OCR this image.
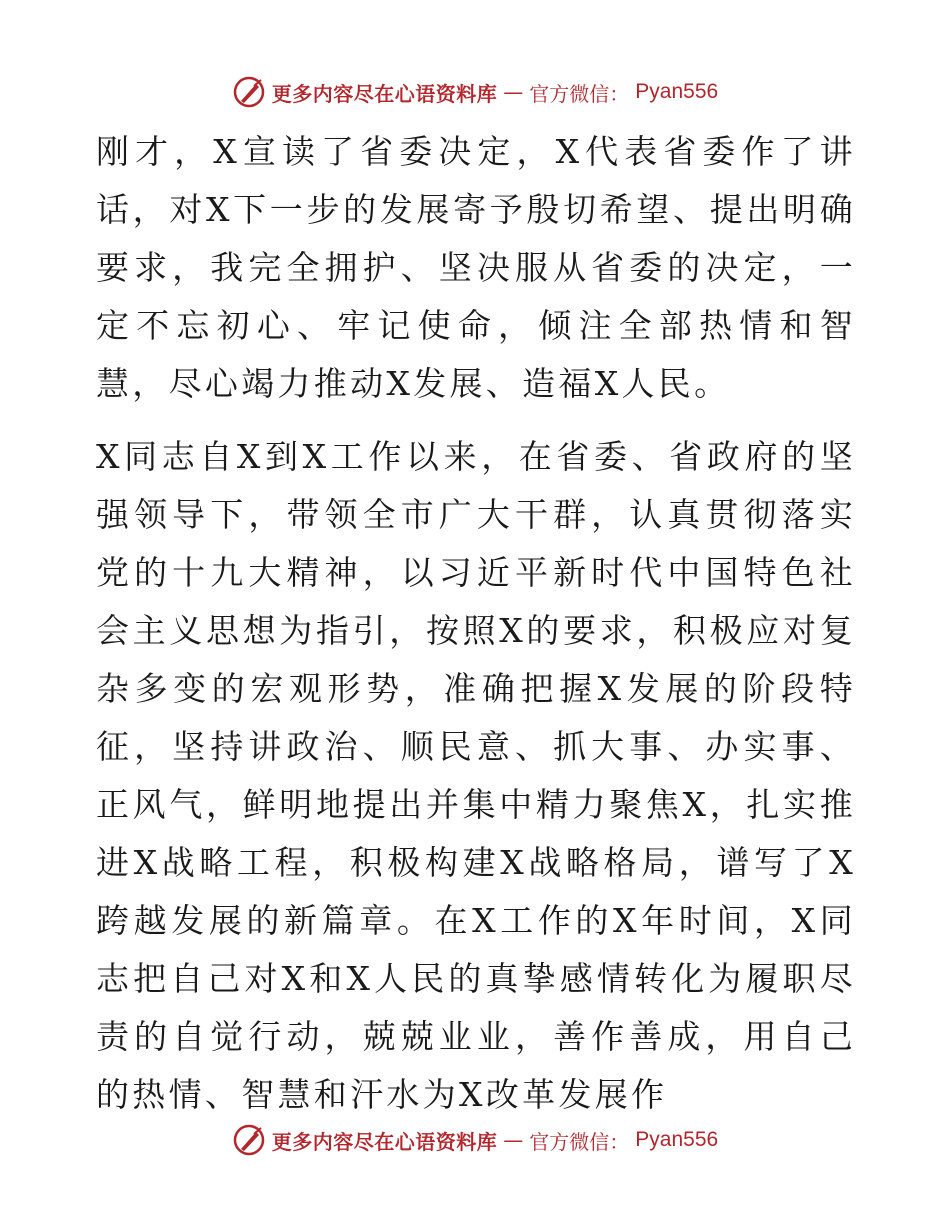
更多内容尽在心语资料库 — 官方微信： Pyan556

刚才，X宣读了省委决定，X代表省委作了讲话，对X下一步的发展寄予殷切希望、提出明确要求，我完全拥护、坚决服从省委的决定，一定不忘初心、牢记使命，倾注全部热情和智慧，尽心竭力推动X发展、造福X人民。

X同志自X到X工作以来，在省委、省政府的坚强领导下，带领全市广大干群，认真贯彻落实党的十九大精神，以习近平新时代中国特色社会主义思想为指引，按照X的要求，积极应对复杂多变的宏观形势，准确把握X发展的阶段特征，坚持讲政治、顺民意、抓大事、办实事、正风气，鲜明地提出并集中精力聚焦X，扎实推进X战略工程，积极构建X战略格局，谱写了X跨越发展的新篇章。在X工作的X年时间，X同志把自己对X和X人民的真挚感情转化为履职尽责的自觉行动，兢兢业业，善作善成，用自己的热情、智慧和汗水为X改革发展作

更多内容尽在心语资料库 — 官方微信： Pyan556
